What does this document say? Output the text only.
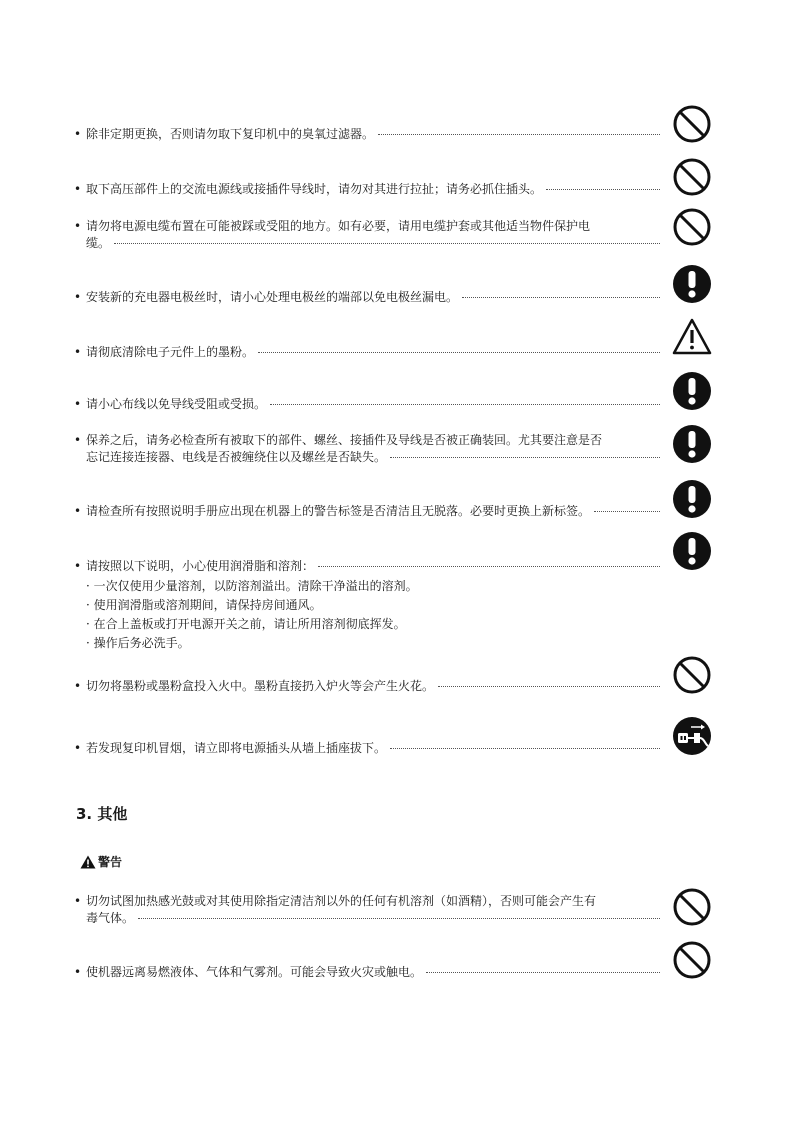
• 除非定期更换，否则请勿取下复印机中的臭氧过滤器。
• 取下高压部件上的交流电源线或接插件导线时，请勿对其进行拉扯；请务必抓住插头。
• 请勿将电源电缆布置在可能被踩或受阻的地方。如有必要，请用电缆护套或其他适当物件保护电
缆。
• 安装新的充电器电极丝时，请小心处理电极丝的端部以免电极丝漏电。
• 请彻底清除电子元件上的墨粉。
• 请小心布线以免导线受阻或受损。
• 保养之后，请务必检查所有被取下的部件、螺丝、接插件及导线是否被正确装回。尤其要注意是否
忘记连接连接器、电线是否被缠绕住以及螺丝是否缺失。
• 请检查所有按照说明手册应出现在机器上的警告标签是否清洁且无脱落。必要时更换上新标签。
• 请按照以下说明，小心使用润滑脂和溶剂：
· 一次仅使用少量溶剂，以防溶剂溢出。清除干净溢出的溶剂。
· 使用润滑脂或溶剂期间，请保持房间通风。
· 在合上盖板或打开电源开关之前，请让所用溶剂彻底挥发。
· 操作后务必洗手。
• 切勿将墨粉或墨粉盒投入火中。墨粉直接扔入炉火等会产生火花。
• 若发现复印机冒烟，请立即将电源插头从墙上插座拔下。
3. 其他
警告
• 切勿试图加热感光鼓或对其使用除指定清洁剂以外的任何有机溶剂（如酒精），否则可能会产生有
毒气体。
• 使机器远离易燃液体、气体和气雾剂。可能会导致火灾或触电。
